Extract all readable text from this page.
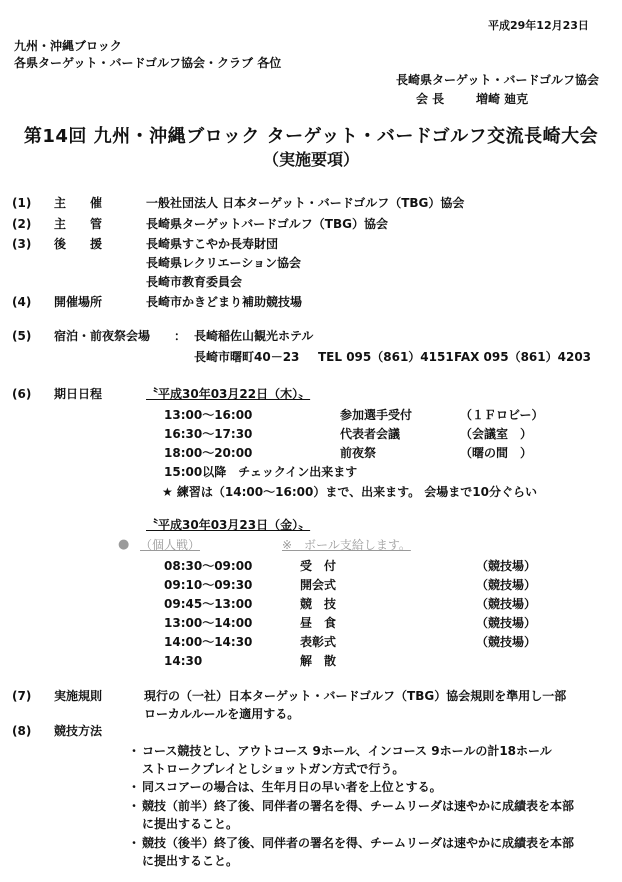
平成29年12月23日
九州・沖縄ブロック
各県ターゲット・バードゴルフ協会・クラブ 各位
長崎県ターゲット・バードゴルフ協会
会 長	増崎 廸克
第14回 九州・沖縄ブロック ターゲット・バードゴルフ交流長崎大会
（実施要項）
(1) 主　　催	一般社団法人 日本ターゲット・バードゴルフ（TBG）協会
(2) 主　　管	長崎県ターゲットバードゴルフ（TBG）協会
(3) 後　　援	長崎県すこやか長寿財団
長崎県レクリエーション協会
長崎市教育委員会
(4) 開催場所	長崎市かきどまり補助競技場
(5) 宿泊・前夜祭会場 ： 長崎稲佐山観光ホテル
長崎市曙町40－23 TEL 095（861）4151 FAX 095（861）4203
(6) 期日日程	〝平成30年03月22日（木）〟
13:00～16:00	参加選手受付	（１Ｆロビー）
16:30～17:30	代表者会議	（会議室　）
18:00～20:00	前夜祭	（曙の間　）
15:00以降　チェックイン出来ます
★ 練習は（14:00～16:00）まで、出来ます。 会場まで10分ぐらい
〝平成30年03月23日（金）〟
● （個人戦）	※　ボール支給します。
08:30～09:00	受　付	（競技場）
09:10～09:30	開会式	（競技場）
09:45～13:00	競　技	（競技場）
13:00～14:00	昼　食	（競技場）
14:00～14:30	表彰式	（競技場）
14:30	解　散
(7) 実施規則	現行の（一社）日本ターゲット・バードゴルフ（TBG）協会規則を準用し一部
ローカルルールを適用する。
(8) 競技方法
・ コース競技とし、アウトコース 9ホール、インコース 9ホールの計18ホール
ストロークプレイとしショットガン方式で行う。
・ 同スコアーの場合は、生年月日の早い者を上位とする。
・ 競技（前半）終了後、同伴者の署名を得、チームリーダは速やかに成績表を本部
に提出すること。
・ 競技（後半）終了後、同伴者の署名を得、チームリーダは速やかに成績表を本部
に提出すること。
